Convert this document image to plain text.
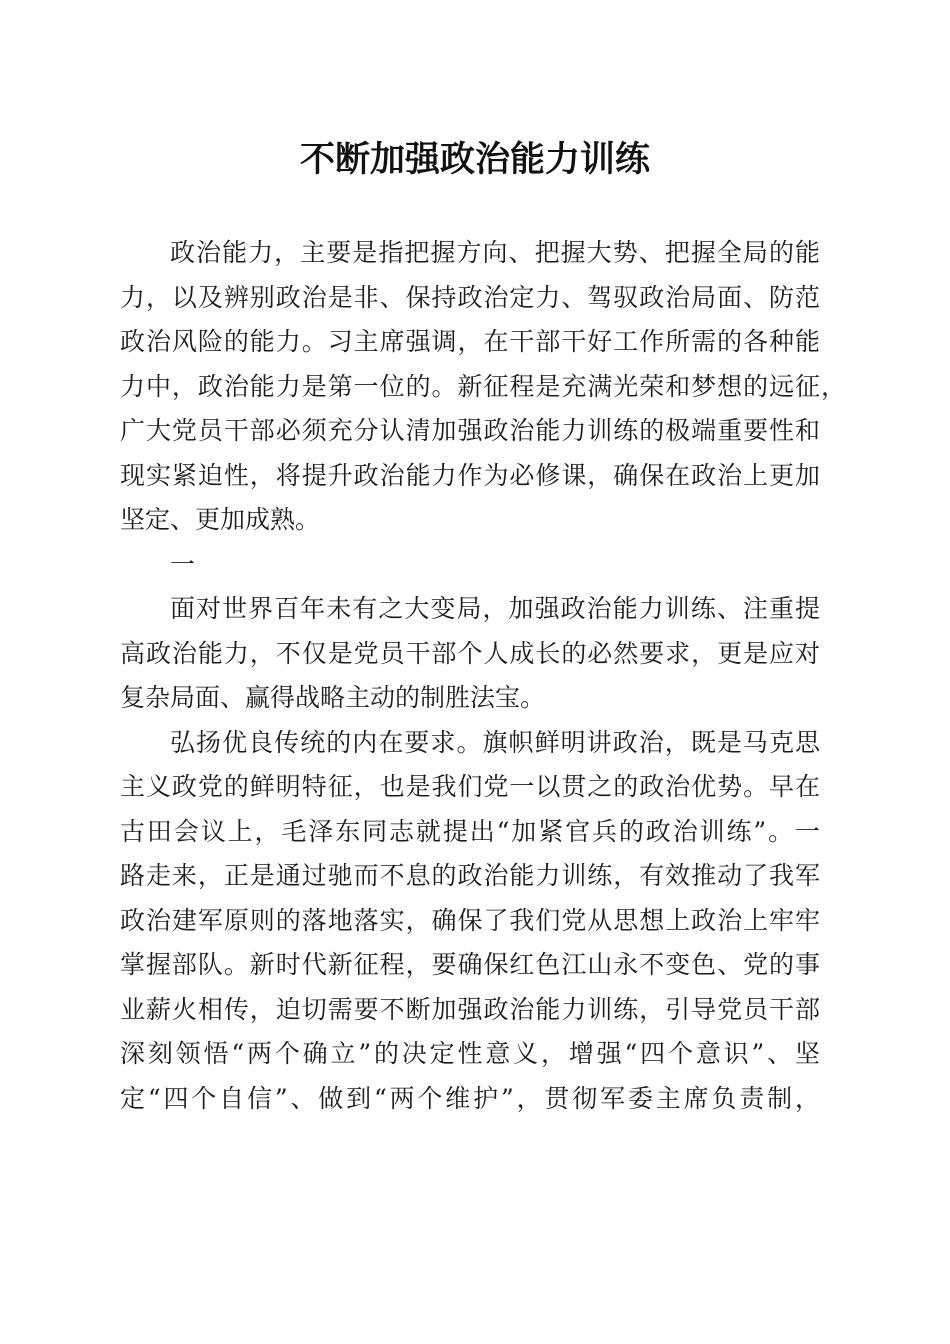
不断加强政治能力训练
政治能力，主要是指把握方向、把握大势、把握全局的能
力，以及辨别政治是非、保持政治定力、驾驭政治局面、防范
政治风险的能力。习主席强调，在干部干好工作所需的各种能
力中，政治能力是第一位的。新征程是充满光荣和梦想的远征，
广大党员干部必须充分认清加强政治能力训练的极端重要性和
现实紧迫性，将提升政治能力作为必修课，确保在政治上更加
坚定、更加成熟。
一
面对世界百年未有之大变局，加强政治能力训练、注重提
高政治能力，不仅是党员干部个人成长的必然要求，更是应对
复杂局面、赢得战略主动的制胜法宝。
弘扬优良传统的内在要求。旗帜鲜明讲政治，既是马克思
主义政党的鲜明特征，也是我们党一以贯之的政治优势。早在
古田会议上，毛泽东同志就提出“加紧官兵的政治训练”。一
路走来，正是通过驰而不息的政治能力训练，有效推动了我军
政治建军原则的落地落实，确保了我们党从思想上政治上牢牢
掌握部队。新时代新征程，要确保红色江山永不变色、党的事
业薪火相传，迫切需要不断加强政治能力训练，引导党员干部
深刻领悟“两个确立”的决定性意义，增强“四个意识”、坚
定“四个自信”、做到“两个维护”，贯彻军委主席负责制，
